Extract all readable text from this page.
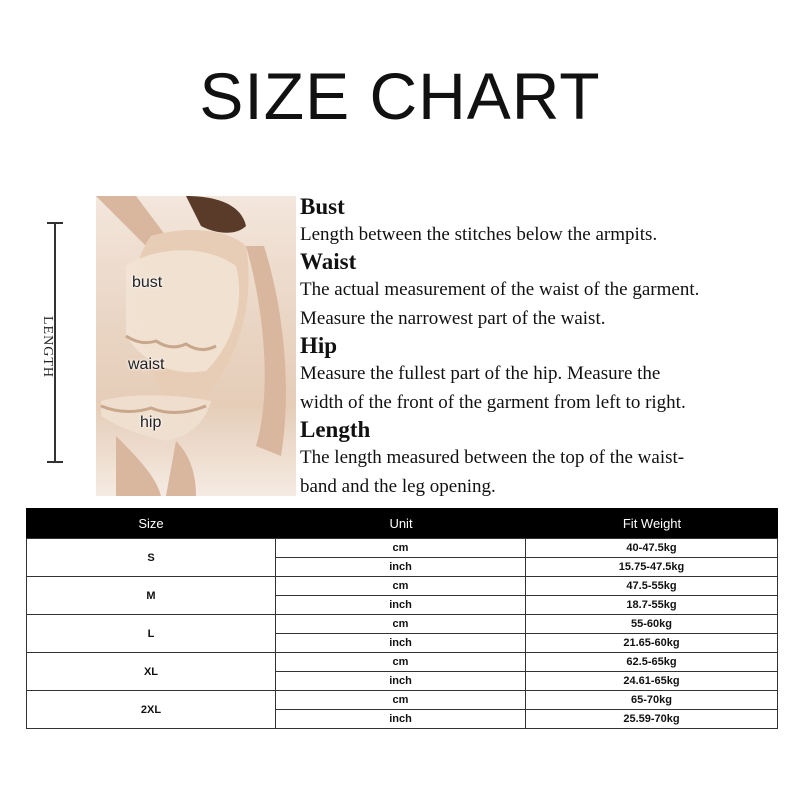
SIZE CHART
LENGTH
bust
waist
hip
Bust
Length between the stitches below the armpits.
Waist
The actual measurement of the waist of the garment.
Measure the narrowest part of the waist.
Hip
Measure the fullest part of the hip. Measure the
width of the front of the garment from left to right.
Length
The length measured between the top of the waist-
band and the leg opening.
Size	Unit	Fit Weight
S
cm	40-47.5kg
inch	15.75-47.5kg
M
cm	47.5-55kg
inch	18.7-55kg
L
cm	55-60kg
inch	21.65-60kg
XL
cm	62.5-65kg
inch	24.61-65kg
2XL
cm	65-70kg
inch	25.59-70kg
